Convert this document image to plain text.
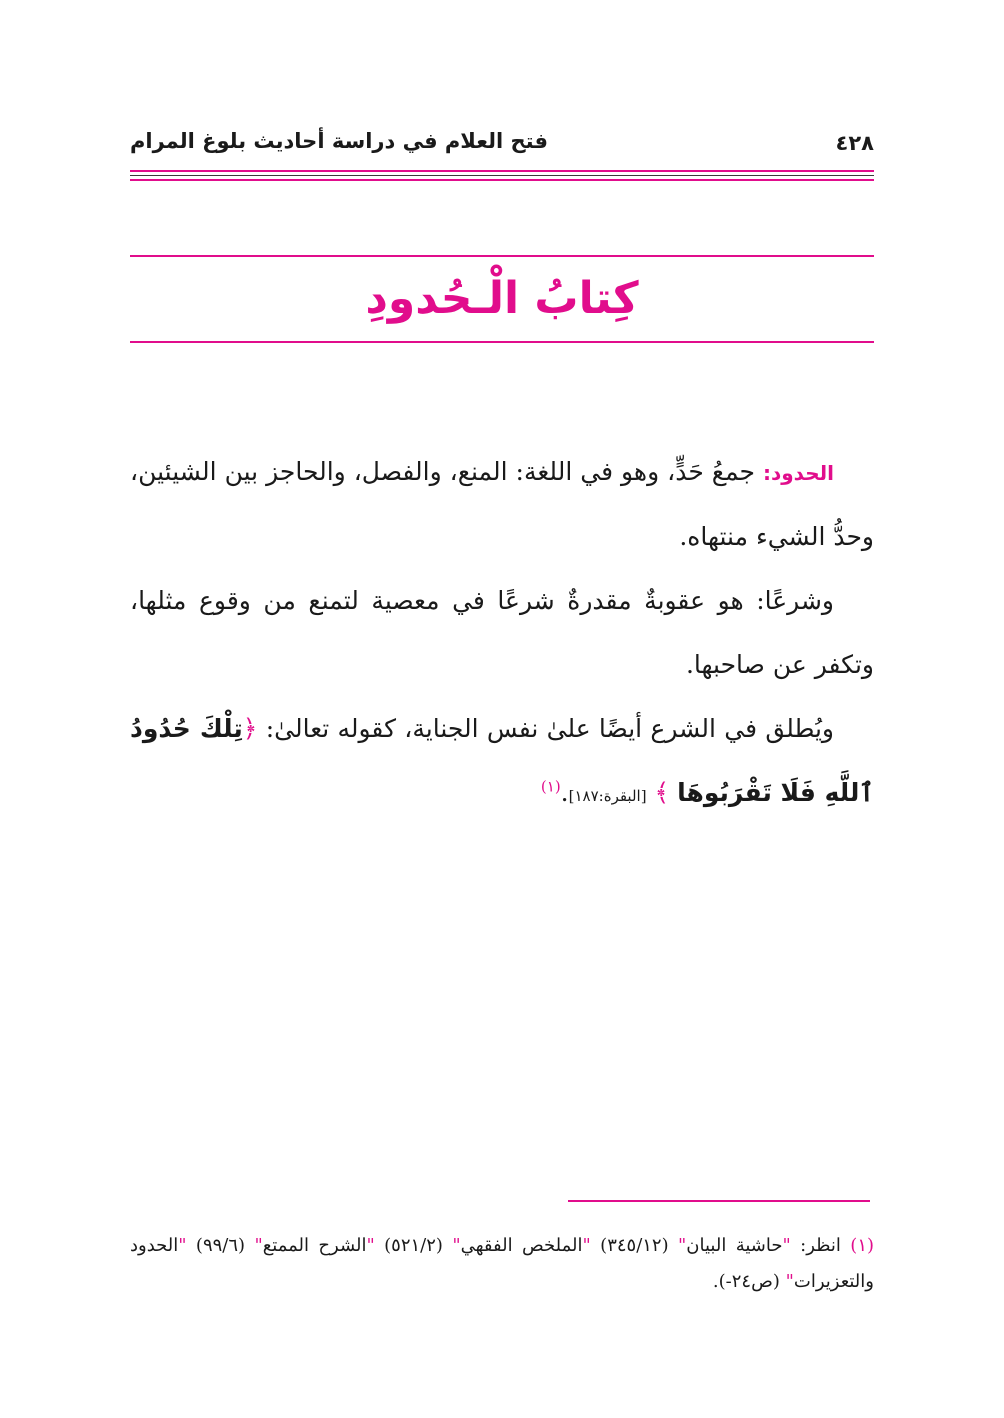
٤٢٨
فتح العلام في دراسة أحاديث بلوغ المرام
كِتابُ الْـحُدودِ

الحدود: جمعُ حَدٍّ، وهو في اللغة: المنع، والفصل، والحاجز بين الشيئين، وحدُّ الشيء منتهاه.

وشرعًا: هو عقوبةٌ مقدرةٌ شرعًا في معصية لتمنع من وقوع مثلها، وتكفر عن صاحبها.

ويُطلق في الشرع أيضًا علىٰ نفس الجناية، كقوله تعالىٰ: ﴿تِلْكَ حُدُودُ ٱللَّهِ فَلَا تَقْرَبُوهَا ﴾ [البقرة:١٨٧].$^{(١)}$

(١) انظر: "حاشية البيان" (٣٤٥/١٢) "الملخص الفقهي" (٥٢١/٢) "الشرح الممتع" (٩٩/٦) "الحدود والتعزيرات" (ص٢٤-).
